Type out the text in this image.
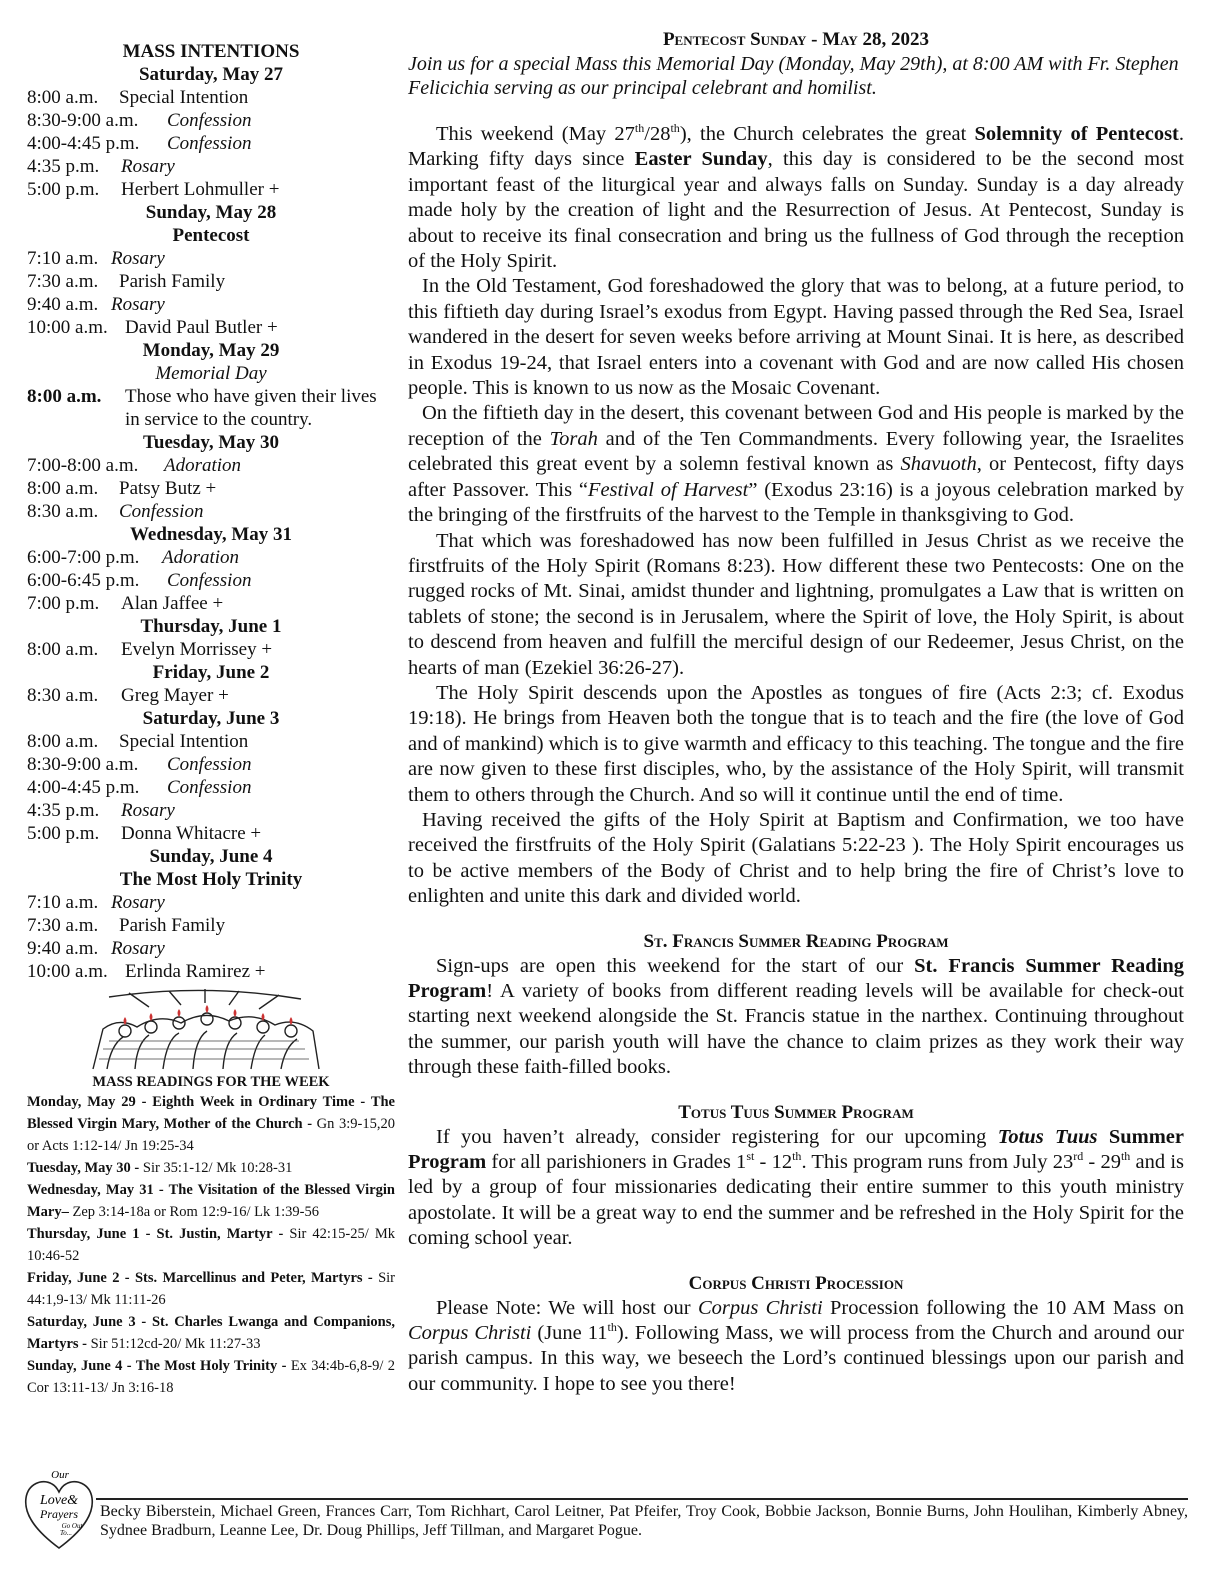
MASS INTENTIONS
Saturday, May 27
8:00 a.m. Special Intention
8:30-9:00 a.m. Confession
4:00-4:45 p.m. Confession
4:35 p.m. Rosary
5:00 p.m. Herbert Lohmuller +
Sunday, May 28
Pentecost
7:10 a.m. Rosary
7:30 a.m. Parish Family
9:40 a.m. Rosary
10:00 a.m. David Paul Butler +
Monday, May 29
Memorial Day
8:00 a.m.	Those who have given their lives in service to the country.
Tuesday, May 30
7:00-8:00 a.m. Adoration
8:00 a.m. Patsy Butz +
8:30 a.m. Confession
Wednesday, May 31
6:00-7:00 p.m. Adoration
6:00-6:45 p.m. Confession
7:00 p.m. Alan Jaffee +
Thursday, June 1
8:00 a.m. Evelyn Morrissey +
Friday, June 2
8:30 a.m. Greg Mayer +
Saturday, June 3
8:00 a.m. Special Intention
8:30-9:00 a.m. Confession
4:00-4:45 p.m. Confession
4:35 p.m. Rosary
5:00 p.m. Donna Whitacre +
Sunday, June 4
The Most Holy Trinity
7:10 a.m. Rosary
7:30 a.m. Parish Family
9:40 a.m. Rosary
10:00 a.m. Erlinda Ramirez +
MASS READINGS FOR THE WEEK

Monday, May 29 - Eighth Week in Ordinary Time - The Blessed Virgin Mary, Mother of the Church - Gn 3:9-15,20 or Acts 1:12-14/ Jn 19:25-34

Tuesday, May 30 - Sir 35:1-12/ Mk 10:28-31

Wednesday, May 31 - The Visitation of the Blessed Virgin Mary– Zep 3:14-18a or Rom 12:9-16/ Lk 1:39-56

Thursday, June 1 - St. Justin, Martyr - Sir 42:15-25/ Mk 10:46-52

Friday, June 2 - Sts. Marcellinus and Peter, Martyrs - Sir 44:1,9-13/ Mk 11:11-26

Saturday, June 3 - St. Charles Lwanga and Companions, Martyrs - Sir 51:12cd-20/ Mk 11:27-33

Sunday, June 4 - The Most Holy Trinity - Ex 34:4b-6,8-9/ 2 Cor 13:11-13/ Jn 3:16-18

Pentecost Sunday - May 28, 2023
Join us for a special Mass this Memorial Day (Monday, May 29th), at 8:00 AM with Fr. Stephen Felicichia serving as our principal celebrant and homilist.

This weekend (May 27th/28th), the Church celebrates the great Solemnity of Pentecost. Marking fifty days since Easter Sunday, this day is considered to be the second most important feast of the liturgical year and always falls on Sunday. Sunday is a day already made holy by the creation of light and the Resurrection of Jesus. At Pentecost, Sunday is about to receive its final consecration and bring us the fullness of God through the reception of the Holy Spirit.

In the Old Testament, God foreshadowed the glory that was to belong, at a future period, to this fiftieth day during Israel’s exodus from Egypt. Having passed through the Red Sea, Israel wandered in the desert for seven weeks before arriving at Mount Sinai. It is here, as described in Exodus 19-24, that Israel enters into a covenant with God and are now called His chosen people. This is known to us now as the Mosaic Covenant.

On the fiftieth day in the desert, this covenant between God and His people is marked by the reception of the Torah and of the Ten Commandments. Every following year, the Israelites celebrated this great event by a solemn festival known as Shavuoth, or Pentecost, fifty days after Passover. This “Festival of Harvest” (Exodus 23:16) is a joyous celebration marked by the bringing of the firstfruits of the harvest to the Temple in thanksgiving to God.

That which was foreshadowed has now been fulfilled in Jesus Christ as we receive the firstfruits of the Holy Spirit (Romans 8:23). How different these two Pentecosts: One on the rugged rocks of Mt. Sinai, amidst thunder and lightning, promulgates a Law that is written on tablets of stone; the second is in Jerusalem, where the Spirit of love, the Holy Spirit, is about to descend from heaven and fulfill the merciful design of our Redeemer, Jesus Christ, on the hearts of man (Ezekiel 36:26-27).

The Holy Spirit descends upon the Apostles as tongues of fire (Acts 2:3; cf. Exodus 19:18). He brings from Heaven both the tongue that is to teach and the fire (the love of God and of mankind) which is to give warmth and efficacy to this teaching. The tongue and the fire are now given to these first disciples, who, by the assistance of the Holy Spirit, will transmit them to others through the Church. And so will it continue until the end of time.

Having received the gifts of the Holy Spirit at Baptism and Confirmation, we too have received the firstfruits of the Holy Spirit (Galatians 5:22-23 ). The Holy Spirit encourages us to be active members of the Body of Christ and to help bring the fire of Christ’s love to enlighten and unite this dark and divided world.

St. Francis Summer Reading Program

Sign-ups are open this weekend for the start of our St. Francis Summer Reading Program! A variety of books from different reading levels will be available for check-out starting next weekend alongside the St. Francis statue in the narthex. Continuing throughout the summer, our parish youth will have the chance to claim prizes as they work their way through these faith-filled books.

Totus Tuus Summer Program

If you haven’t already, consider registering for our upcoming Totus Tuus Summer Program for all parishioners in Grades 1st - 12th. This program runs from July 23rd - 29th and is led by a group of four missionaries dedicating their entire summer to this youth ministry apostolate. It will be a great way to end the summer and be refreshed in the Holy Spirit for the coming school year.

Corpus Christi Procession

Please Note: We will host our Corpus Christi Procession following the 10 AM Mass on Corpus Christi (June 11th). Following Mass, we will process from the Church and around our parish campus. In this way, we beseech the Lord’s continued blessings upon our parish and our community. I hope to see you there!

Our
Love&
Prayers
Go Out
To...
Becky Biberstein, Michael Green, Frances Carr, Tom Richhart, Carol Leitner, Pat Pfeifer, Troy Cook, Bobbie Jackson, Bonnie Burns, John Houlihan, Kimberly Abney, Sydnee Bradburn, Leanne Lee, Dr. Doug Phillips, Jeff Tillman, and Margaret Pogue.
